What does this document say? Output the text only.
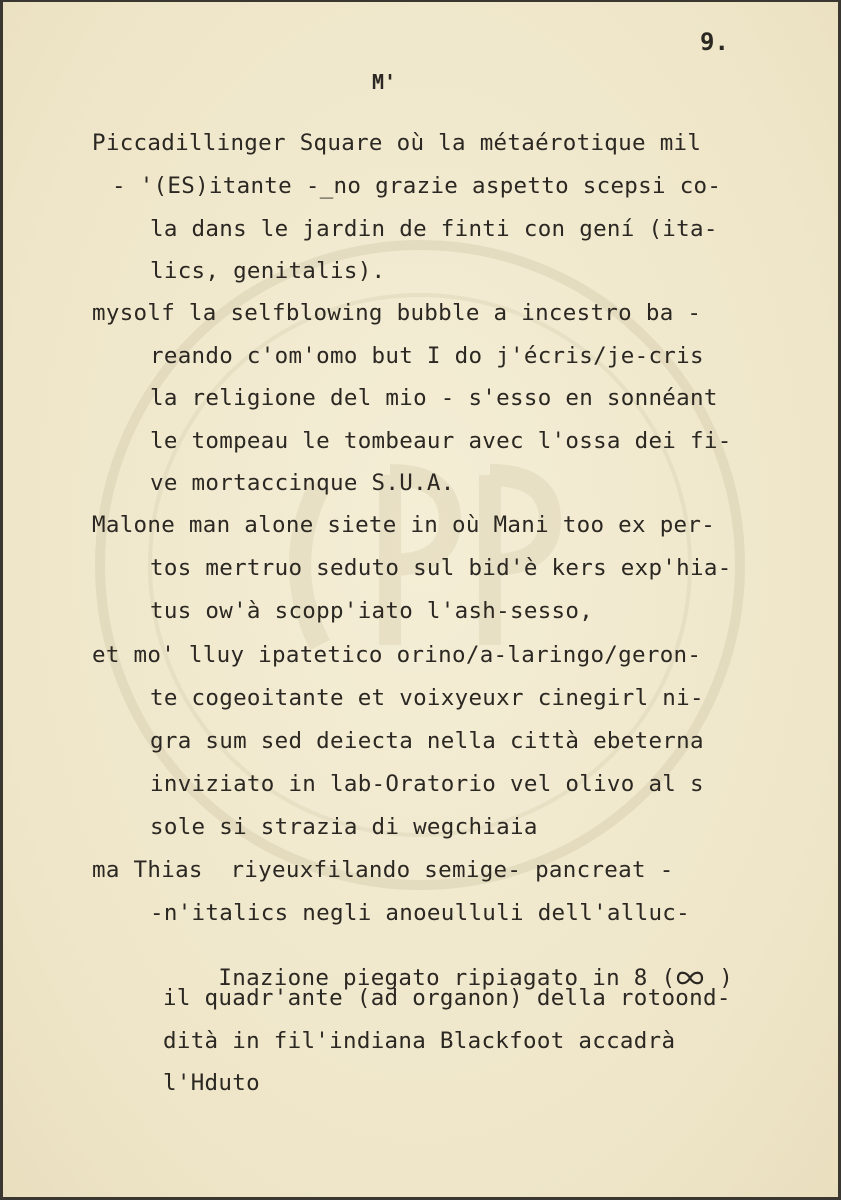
9.
M'
Piccadillinger Square où la métaérotique mil
- '(ES)itante -_no grazie aspetto scepsi co-
la dans le jardin de finti con gení (ita-
lics, genitalis).
mysolf la selfblowing bubble a incestro ba -
reando c'om'omo but I do j'écris/je-cris
la religione del mio - s'esso en sonnéant
le tompeau le tombeaur avec l'ossa dei fi-
ve mortaccinque S.U.A.
Malone man alone siete in où Mani too ex per-
tos mertruo seduto sul bid'è kers exp'hia-
tus ow'à scopp'iato l'ash-sesso,
et mo' lluy ipatetico orino/a-laringo/geron-
te cogeoitante et voixyeuxr cinegirl ni-
gra sum sed deiecta nella città ebeterna
inviziato in lab-Oratorio vel olivo al s
sole si strazia di wegchiaia
ma Thias  riyeuxfilando semige- pancreat -
-n'italics negli anoeulluli dell'alluc-

Inazione piegato ripiagato in 8 ( )

il quadr'ante (ad organon) della rotoond-
dità in fil'indiana Blackfoot accadrà
l'Hduto
